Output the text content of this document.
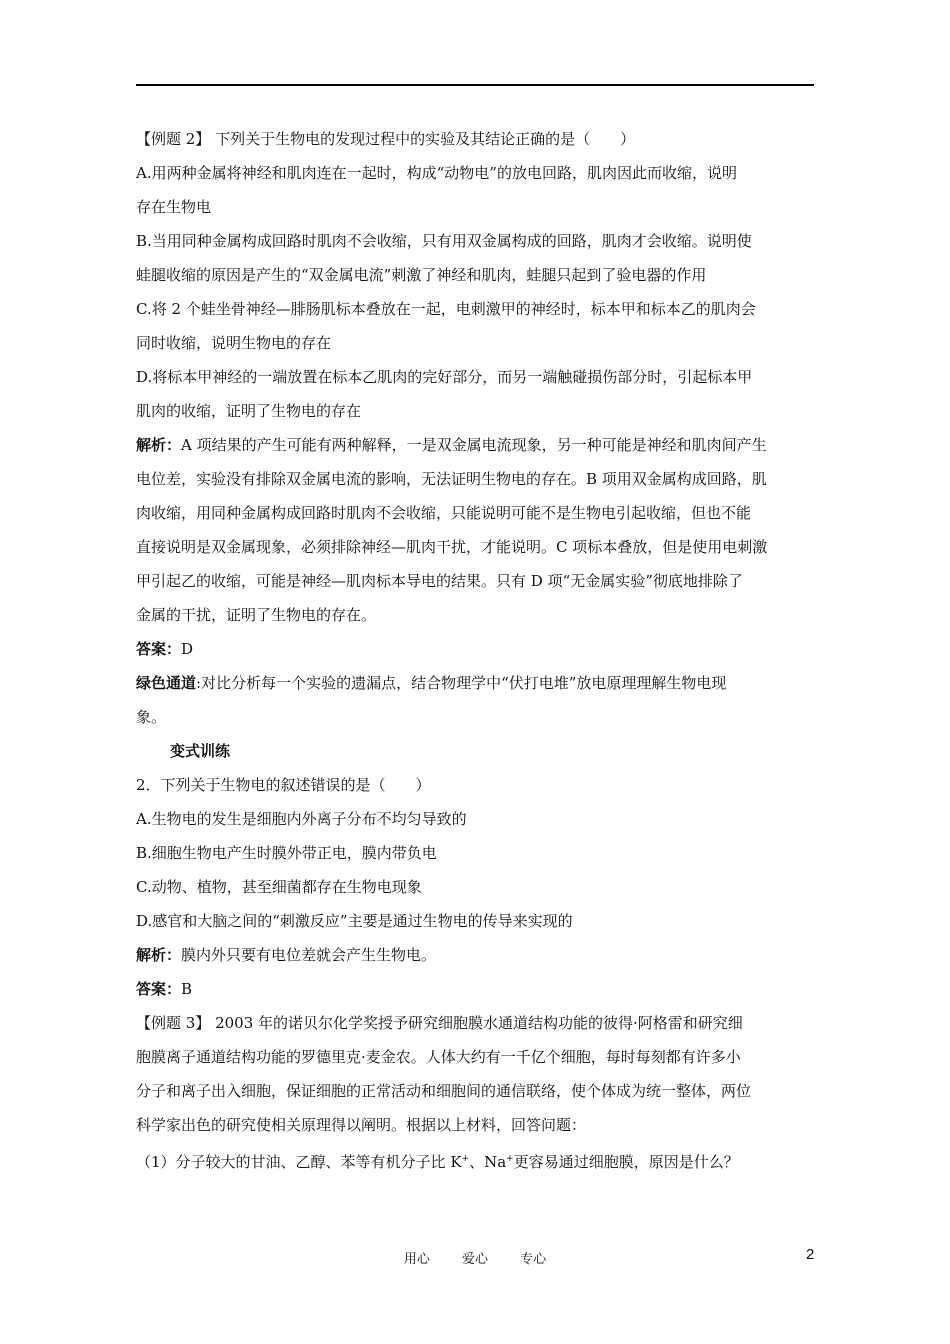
【例题 2】 下列关于生物电的发现过程中的实验及其结论正确的是（　　）
A.用两种金属将神经和肌肉连在一起时，构成“动物电”的放电回路，肌肉因此而收缩，说明
存在生物电
B.当用同种金属构成回路时肌肉不会收缩，只有用双金属构成的回路，肌肉才会收缩。说明使
蛙腿收缩的原因是产生的“双金属电流”刺激了神经和肌肉，蛙腿只起到了验电器的作用
C.将 2 个蛙坐骨神经—腓肠肌标本叠放在一起，电刺激甲的神经时，标本甲和标本乙的肌肉会
同时收缩，说明生物电的存在
D.将标本甲神经的一端放置在标本乙肌肉的完好部分，而另一端触碰损伤部分时，引起标本甲
肌肉的收缩，证明了生物电的存在
解析：A 项结果的产生可能有两种解释，一是双金属电流现象，另一种可能是神经和肌肉间产生
电位差，实验没有排除双金属电流的影响，无法证明生物电的存在。B 项用双金属构成回路，肌
肉收缩，用同种金属构成回路时肌肉不会收缩，只能说明可能不是生物电引起收缩，但也不能
直接说明是双金属现象，必须排除神经—肌肉干扰，才能说明。C 项标本叠放，但是使用电刺激
甲引起乙的收缩，可能是神经—肌肉标本导电的结果。只有 D 项“无金属实验”彻底地排除了
金属的干扰，证明了生物电的存在。
答案：D
绿色通道:对比分析每一个实验的遗漏点，结合物理学中“伏打电堆”放电原理理解生物电现
象。
变式训练
2．下列关于生物电的叙述错误的是（　　）
A.生物电的发生是细胞内外离子分布不均匀导致的
B.细胞生物电产生时膜外带正电，膜内带负电
C.动物、植物，甚至细菌都存在生物电现象
D.感官和大脑之间的“刺激反应”主要是通过生物电的传导来实现的
解析：膜内外只要有电位差就会产生生物电。
答案：B
【例题 3】 2003 年的诺贝尔化学奖授予研究细胞膜水通道结构功能的彼得·阿格雷和研究细
胞膜离子通道结构功能的罗德里克·麦金农。人体大约有一千亿个细胞，每时每刻都有许多小
分子和离子出入细胞，保证细胞的正常活动和细胞间的通信联络，使个体成为统一整体，两位
科学家出色的研究使相关原理得以阐明。根据以上材料，回答问题：
（1）分子较大的甘油、乙醇、苯等有机分子比 K+、Na+更容易通过细胞膜，原因是什么？
用心 爱心 专心	2
